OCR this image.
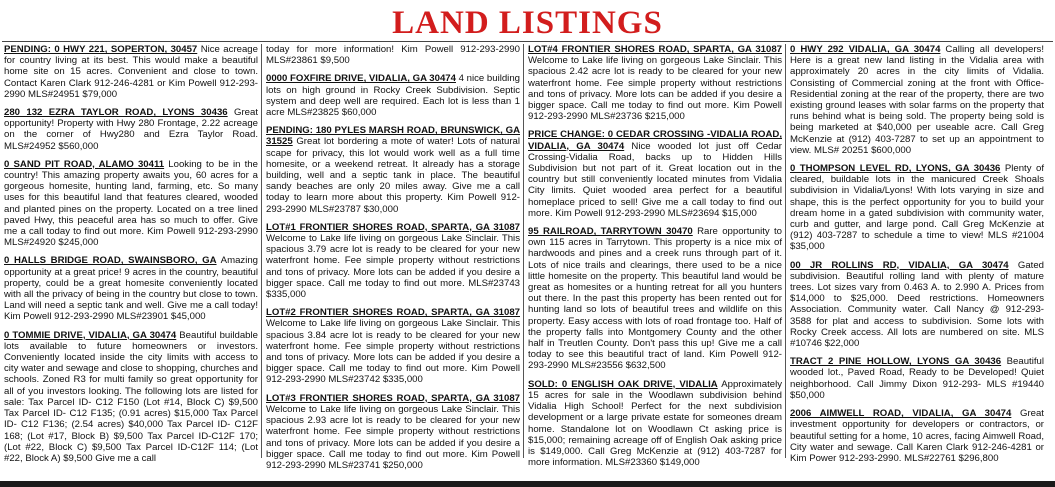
LAND LISTINGS

PENDING: 0 HWY 221, SOPERTON, 30457 Nice acreage for country living at its best. This would make a beautiful home site on 15 acres. Convenient and close to town. Contact Karen Clark 912-246-4281 or Kim Powell 912-293-2990 MLS#24951 $79,000

280 132 EZRA TAYLOR ROAD, LYONS 30436 Great opportunity! Property with Hwy 280 Frontage, 2.22 acreage on the corner of Hwy280 and Ezra Taylor Road. MLS#24952 $560,000

0 SAND PIT ROAD, ALAMO 30411 Looking to be in the country! This amazing property awaits you, 60 acres for a gorgeous homesite, hunting land, farming, etc. So many uses for this beautiful land that features cleared, wooded and planted pines on the property. Located on a tree lined paved Hwy, this peaceful area has so much to offer. Give me a call today to find out more. Kim Powell 912-293-2990 MLS#24920 $245,000

0 HALLS BRIDGE ROAD, SWAINSBORO, GA Amazing opportunity at a great price! 9 acres in the country, beautiful property, could be a great homesite conveniently located with all the privacy of being in the country but close to town. Land will need a septic tank and well. Give me a call today! Kim Powell 912-293-2990 MLS#23901 $45,000

0 TOMMIE DRIVE, VIDALIA, GA 30474 Beautiful buildable lots available to future homeowners or investors. Conveniently located inside the city limits with access to city water and sewage and close to shopping, churches and schools. Zoned R3 for multi family so great opportunity for all of you investors looking. The following lots are listed for sale: Tax Parcel ID- C12 F150 (Lot #14, Block C) $9,500 Tax Parcel ID- C12 F135; (0.91 acres) $15,000 Tax Parcel ID- C12 F136; (2.54 acres) $40,000 Tax Parcel ID- C12F 168; (Lot #17, Block B) $9,500 Tax Parcel ID-C12F 170; (Lot #22, Block C) $9,500 Tax Parcel ID-C12F 114; (Lot #22, Block A) $9,500 Give me a call

today for more information! Kim Powell 912-293-2990 MLS#23861 $9,500

0000 FOXFIRE DRIVE, VIDALIA, GA 30474 4 nice building lots on high ground in Rocky Creek Subdivision. Septic system and deep well are required. Each lot is less than 1 acre MLS#23825 $60,000

PENDING: 180 PYLES MARSH ROAD, BRUNSWICK, GA 31525 Great lot bordering a mote of water! Lots of natural scape for privacy, this lot would work well as a full time homesite, or a weekend retreat. It already has a storage building, well and a septic tank in place. The beautiful sandy beaches are only 20 miles away. Give me a call today to learn more about this property. Kim Powell 912-293-2990 MLS#23787 $30,000

LOT#1 FRONTIER SHORES ROAD, SPARTA, GA 31087 Welcome to Lake life living on gorgeous Lake Sinclair. This spacious 3.79 acre lot is ready to be cleared for your new waterfront home. Fee simple property without restrictions and tons of privacy. More lots can be added if you desire a bigger space. Call me today to find out more. MLS#23743 $335,000

LOT#2 FRONTIER SHORES ROAD, SPARTA, GA 31087 Welcome to Lake life living on gorgeous Lake Sinclair. This spacious 3.84 acre lot is ready to be cleared for your new waterfront home. Fee simple property without restrictions and tons of privacy. More lots can be added if you desire a bigger space. Call me today to find out more. Kim Powell 912-293-2990 MLS#23742 $335,000

LOT#3 FRONTIER SHORES ROAD, SPARTA, GA 31087 Welcome to Lake life living on gorgeous Lake Sinclair. This spacious 2.93 acre lot is ready to be cleared for your new waterfront home. Fee simple property without restrictions and tons of privacy. More lots can be added if you desire a bigger space. Call me today to find out more. Kim Powell 912-293-2990 MLS#23741 $250,000

LOT#4 FRONTIER SHORES ROAD, SPARTA, GA 31087 Welcome to Lake life living on gorgeous Lake Sinclair. This spacious 2.42 acre lot is ready to be cleared for your new waterfront home. Fee simple property without restrictions and tons of privacy. More lots can be added if you desire a bigger space. Call me today to find out more. Kim Powell 912-293-2990 MLS#23736 $215,000

PRICE CHANGE: 0 CEDAR CROSSING -VIDALIA ROAD, VIDALIA, GA 30474 Nice wooded lot just off Cedar Crossing-Vidalia Road, backs up to Hidden Hills Subdivision but not part of it. Great location out in the country but still conveniently located minutes from Vidalia City limits. Quiet wooded area perfect for a beautiful homeplace priced to sell! Give me a call today to find out more. Kim Powell 912-293-2990 MLS#23694 $15,000

95 RAILROAD, TARRYTOWN 30470 Rare opportunity to own 115 acres in Tarrytown. This property is a nice mix of hardwoods and pines and a creek runs through part of it. Lots of nice trails and clearings, there used to be a nice little homesite on the property. This beautiful land would be great as homesites or a hunting retreat for all you hunters out there. In the past this property has been rented out for hunting land so lots of beautiful trees and wildlife on this property. Easy access with lots of road frontage too. Half of the property falls into Montgomery County and the other half in Treutlen County. Don't pass this up! Give me a call today to see this beautiful tract of land. Kim Powell 912-293-2990 MLS#23556 $632,500

SOLD: 0 ENGLISH OAK DRIVE, VIDALIA Approximately 15 acres for sale in the Woodlawn subdivision behind Vidalia High School! Perfect for the next subdivision development or a large private estate for someones dream home. Standalone lot on Woodlawn Ct asking price is $15,000; remaining acreage off of English Oak asking price is $149,000. Call Greg McKenzie at (912) 403-7287 for more information. MLS#23360 $149,000

0 HWY 292 VIDALIA, GA 30474 Calling all developers! Here is a great new land listing in the Vidalia area with approximately 20 acres in the city limits of Vidalia. Consisting of Commercial zoning at the front with Office-Residential zoning at the rear of the property, there are two existing ground leases with solar farms on the property that runs behind what is being sold. The property being sold is being marketed at $40,000 per useable acre. Call Greg McKenzie at (912) 403-7287 to set up an appointment to view. MLS# 20251 $600,000

0 THOMPSON LEVEL RD, LYONS, GA 30436 Plenty of cleared, buildable lots in the manicured Creek Shoals subdivision in Vidalia/Lyons! With lots varying in size and shape, this is the perfect opportunity for you to build your dream home in a gated subdivision with community water, curb and gutter, and large pond. Call Greg McKenzie at (912) 403-7287 to schedule a time to view! MLS #21004 $35,000

00 JR ROLLINS RD, VIDALIA, GA 30474 Gated subdivision. Beautiful rolling land with plenty of mature trees. Lot sizes vary from 0.463 A. to 2.990 A. Prices from $14,000 to $25,000. Deed restrictions. Homeowners Association. Community water. Call Nancy @ 912-293-3588 for plat and access to subdivision. Some lots with Rocky Creek access. All lots are numbered on site. MLS #10746 $22,000

TRACT 2 PINE HOLLOW, LYONS GA 30436 Beautiful wooded lot., Paved Road, Ready to be Developed! Quiet neighborhood. Call Jimmy Dixon 912-293- MLS #19440 $50,000

2006 AIMWELL ROAD, VIDALIA, GA 30474 Great investment opportunity for developers or contractors, or beautiful setting for a home, 10 acres, facing Aimwell Road, City water and sewage. Call Karen Clark 912-246-4281 or Kim Power 912-293-2990. MLS#22761 $296,800
